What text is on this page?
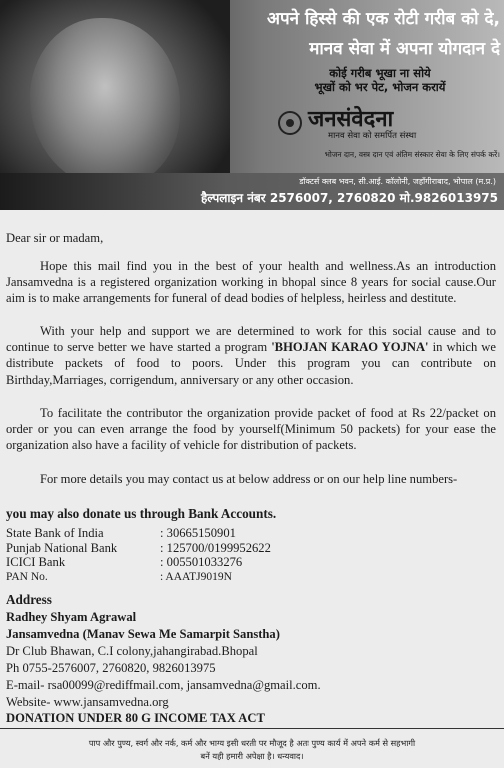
अपने हिस्से की एक रोटी गरीब को दे,
मानव सेवा में अपना योगदान दे
कोई गरीब भूखा ना सोये
भूखों को भर पेट, भोजन करायें
जनसंवेदना
मानव सेवा को समर्पित संस्था
भोजन दान, वस्त्र दान एवं अंतिम संस्कार सेवा के लिए संपर्क करें।
डॉक्टर्स क्लब भवन, सी.आई. कॉलोनी, जहाँगीराबाद, भोपाल (म.प्र.)
हैल्पलाइन नंबर 2576007, 2760820 मो.9826013975
Dear sir or madam,
Hope this mail find you in the best of your health and wellness.As an introduction Jansamvedna is a registered organization working in bhopal since 8 years for social cause.Our aim is to make arrangements for funeral of dead bodies of helpless, heirless and destitute.
With your help and support we are determined to work for this social cause and to continue to serve better we have started a program 'BHOJAN KARAO YOJNA' in which we distribute packets of food to poors. Under this program you can contribute on Birthday,Marriages, corrigendum, anniversary or any other occasion.
To facilitate the contributor the organization provide packet of food at Rs 22/packet on order or you can even arrange the food by yourself(Minimum 50 packets) for your ease the organization also have a facility of vehicle for distribution of packets.
For more details you may contact us at below address or on our help line numbers-
you may also donate us through Bank Accounts.
State Bank of India	: 30665150901
Punjab National Bank	: 125700/0199952622
ICICI Bank	: 005501033276
PAN No.	: AAATJ9019N
Address
Radhey Shyam Agrawal
Jansamvedna (Manav Sewa Me Samarpit Sanstha)
Dr Club Bhawan, C.I colony,jahangirabad.Bhopal
Ph 0755-2576007, 2760820, 9826013975
E-mail- rsa00099@rediffmail.com, jansamvedna@gmail.com.
Website- www.jansamvedna.org
DONATION UNDER 80 G INCOME TAX ACT
पाप और पुण्य, स्वर्ग और नर्क, कर्म और भाग्य इसी धरती पर मौजूद है अतः पुण्य कार्य में अपने कर्म से सहभागी
बनें यही हमारी अपेक्षा है। धन्यवाद।
